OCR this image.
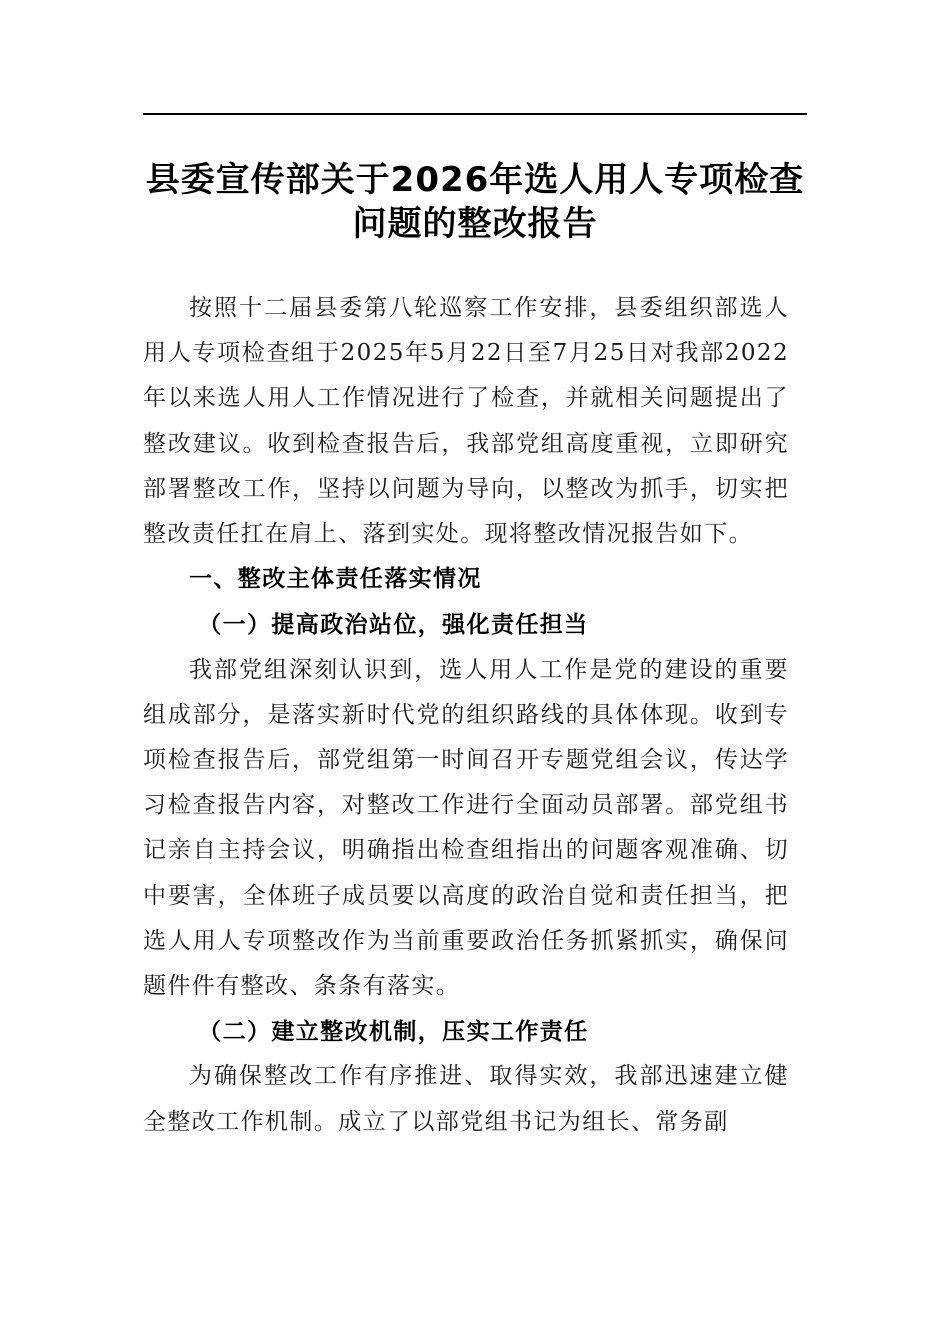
县委宣传部关于2026年选人用人专项检查
问题的整改报告

按照十二届县委第八轮巡察工作安排，县委组织部选人用人专项检查组于2025年5月22日至7月25日对我部2022年以来选人用人工作情况进行了检查，并就相关问题提出了整改建议。收到检查报告后，我部党组高度重视，立即研究部署整改工作，坚持以问题为导向，以整改为抓手，切实把整改责任扛在肩上、落到实处。现将整改情况报告如下。

一、整改主体责任落实情况

（一）提高政治站位，强化责任担当

我部党组深刻认识到，选人用人工作是党的建设的重要组成部分，是落实新时代党的组织路线的具体体现。收到专项检查报告后，部党组第一时间召开专题党组会议，传达学习检查报告内容，对整改工作进行全面动员部署。部党组书记亲自主持会议，明确指出检查组指出的问题客观准确、切中要害，全体班子成员要以高度的政治自觉和责任担当，把选人用人专项整改作为当前重要政治任务抓紧抓实，确保问题件件有整改、条条有落实。

（二）建立整改机制，压实工作责任

为确保整改工作有序推进、取得实效，我部迅速建立健全整改工作机制。成立了以部党组书记为组长、常务副
